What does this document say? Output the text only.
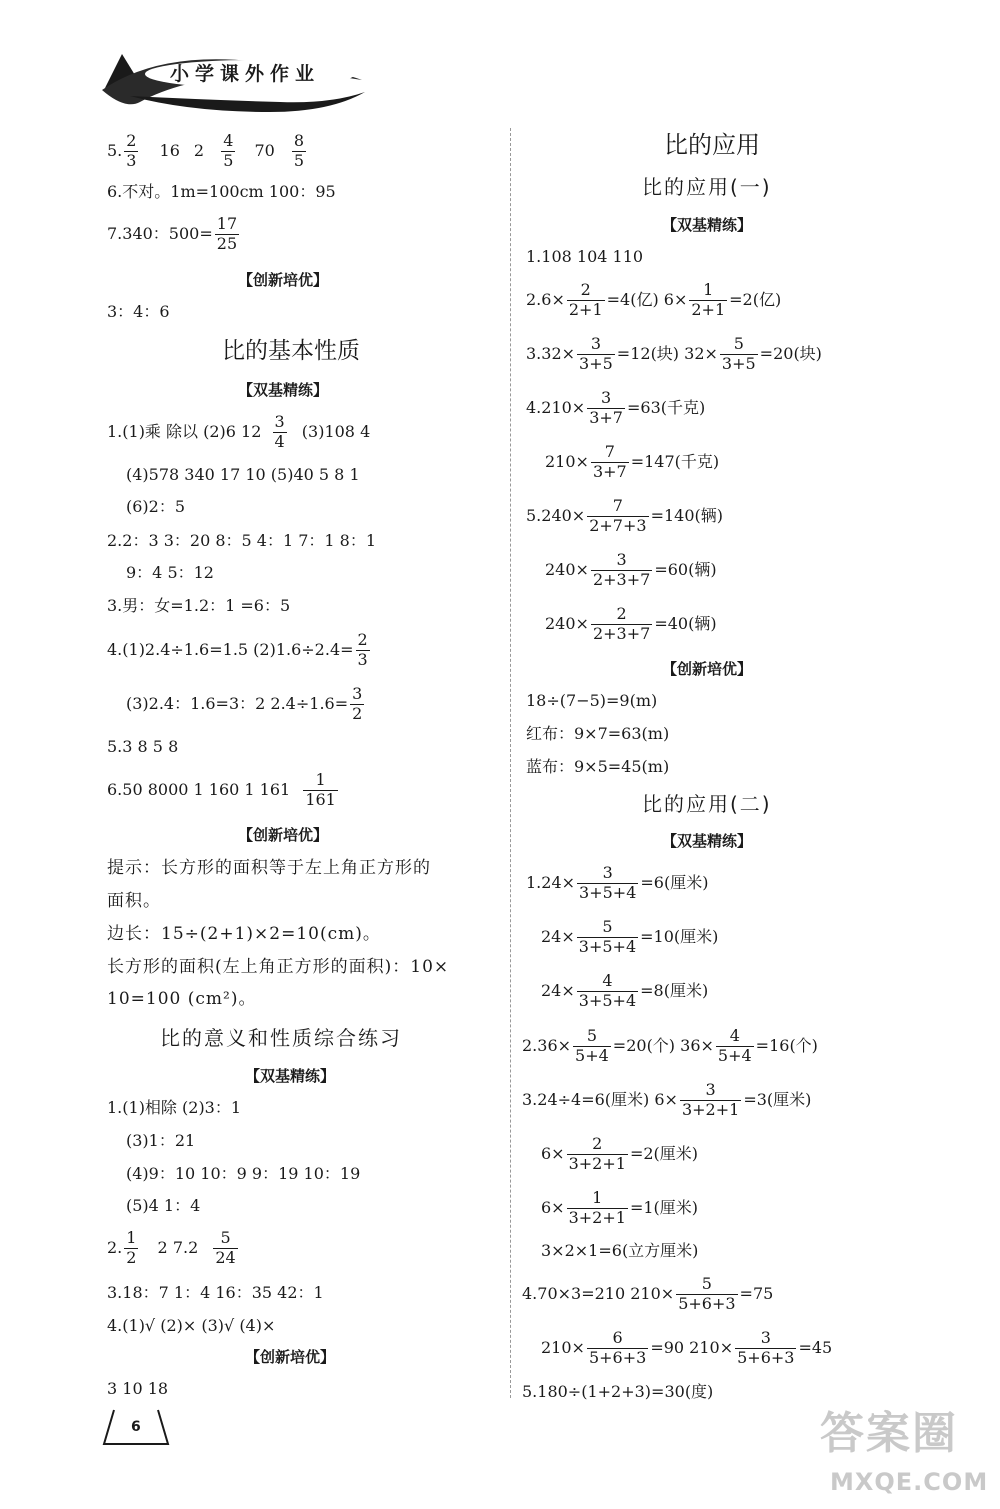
小学课外作业
5. $\frac{2}{3} 16$ $2 \frac{4}{5} 70 \frac{8}{5}$
6.不对。1m=100cm 100：95
7.340：$500= \frac{17}{25}$
【创新培优】
3：4：6
比的基本性质
【双基精练】
1.(1)乘 除以 (2)6 $12 \frac{3}{4} (3)108$ 4
(4)578 340 17 10 (5)40 5 8 1
(6)2：5
2.2：3 3：20 8：5 4：1 7：1 8：1
9：4 5：12
3.男：女=1.2：1 =6：5
4.(1)2.4÷1.6=1.5 $(2)1.6\div 2.4= \frac{2}{3}$
(3)2.4：1.6=3：2 $2.4\div 1.6= \frac{3}{2}$
5.3 8 5 8
6.50 8000 1 160 1 $161 \frac{1}{161}$
【创新培优】
提示：长方形的面积等于左上角正方形的
面积。
边长：15÷(2+1)×2=10(cm)。
长方形的面积(左上角正方形的面积)：10×
10=100 (cm²)。
比的意义和性质综合练习
【双基精练】
1.(1)相除 (2)3：1
(3)1：21
(4)9：10 10：9 9：19 10：19
(5)4 1：4
2. $\frac{1}{2} 2$ $7.2 \frac{5}{24}$
3.18：7 1：4 16：35 42：1
4.(1)√ (2)× (3)√ (4)×
【创新培优】
3 10 18
6
比的应用
比的应用(一)
【双基精练】
1.108 104 110
$2.6\times \frac{2}{2+1} =4$(亿) $6\times \frac{1}{2+1} =2$(亿)
$3.32\times \frac{3}{3+5} =12$(块) $32\times \frac{5}{3+5} =20$(块)
$4.210\times \frac{3}{3+7} =63$(千克)
$210\times \frac{7}{3+7} =147$(千克)
$5.240\times \frac{7}{2+7+3} =140$(辆)
$240\times \frac{3}{2+3+7} =60$(辆)
$240\times \frac{2}{2+3+7} =40$(辆)
【创新培优】
18÷(7−5)=9(m)
红布：9×7=63(m)
蓝布：9×5=45(m)
比的应用(二)
【双基精练】
$1.24\times \frac{3}{3+5+4} =6$(厘米)
$24\times \frac{5}{3+5+4} =10$(厘米)
$24\times \frac{4}{3+5+4} =8$(厘米)
$2.36\times \frac{5}{5+4} =20$(个) $36\times \frac{4}{5+4} =16$(个)
3.24÷4=6(厘米) $6\times \frac{3}{3+2+1} =3$(厘米)
$6\times \frac{2}{3+2+1} =2$(厘米)
$6\times \frac{1}{3+2+1} =1$(厘米)
3×2×1=6(立方厘米)
4.70×3=210 $210\times \frac{5}{5+6+3} =75$
$210\times \frac{6}{5+6+3} =90$ $210\times \frac{3}{5+6+3} =45$
5.180÷(1+2+3)=30(度)
答案圈
MXQE.COM
